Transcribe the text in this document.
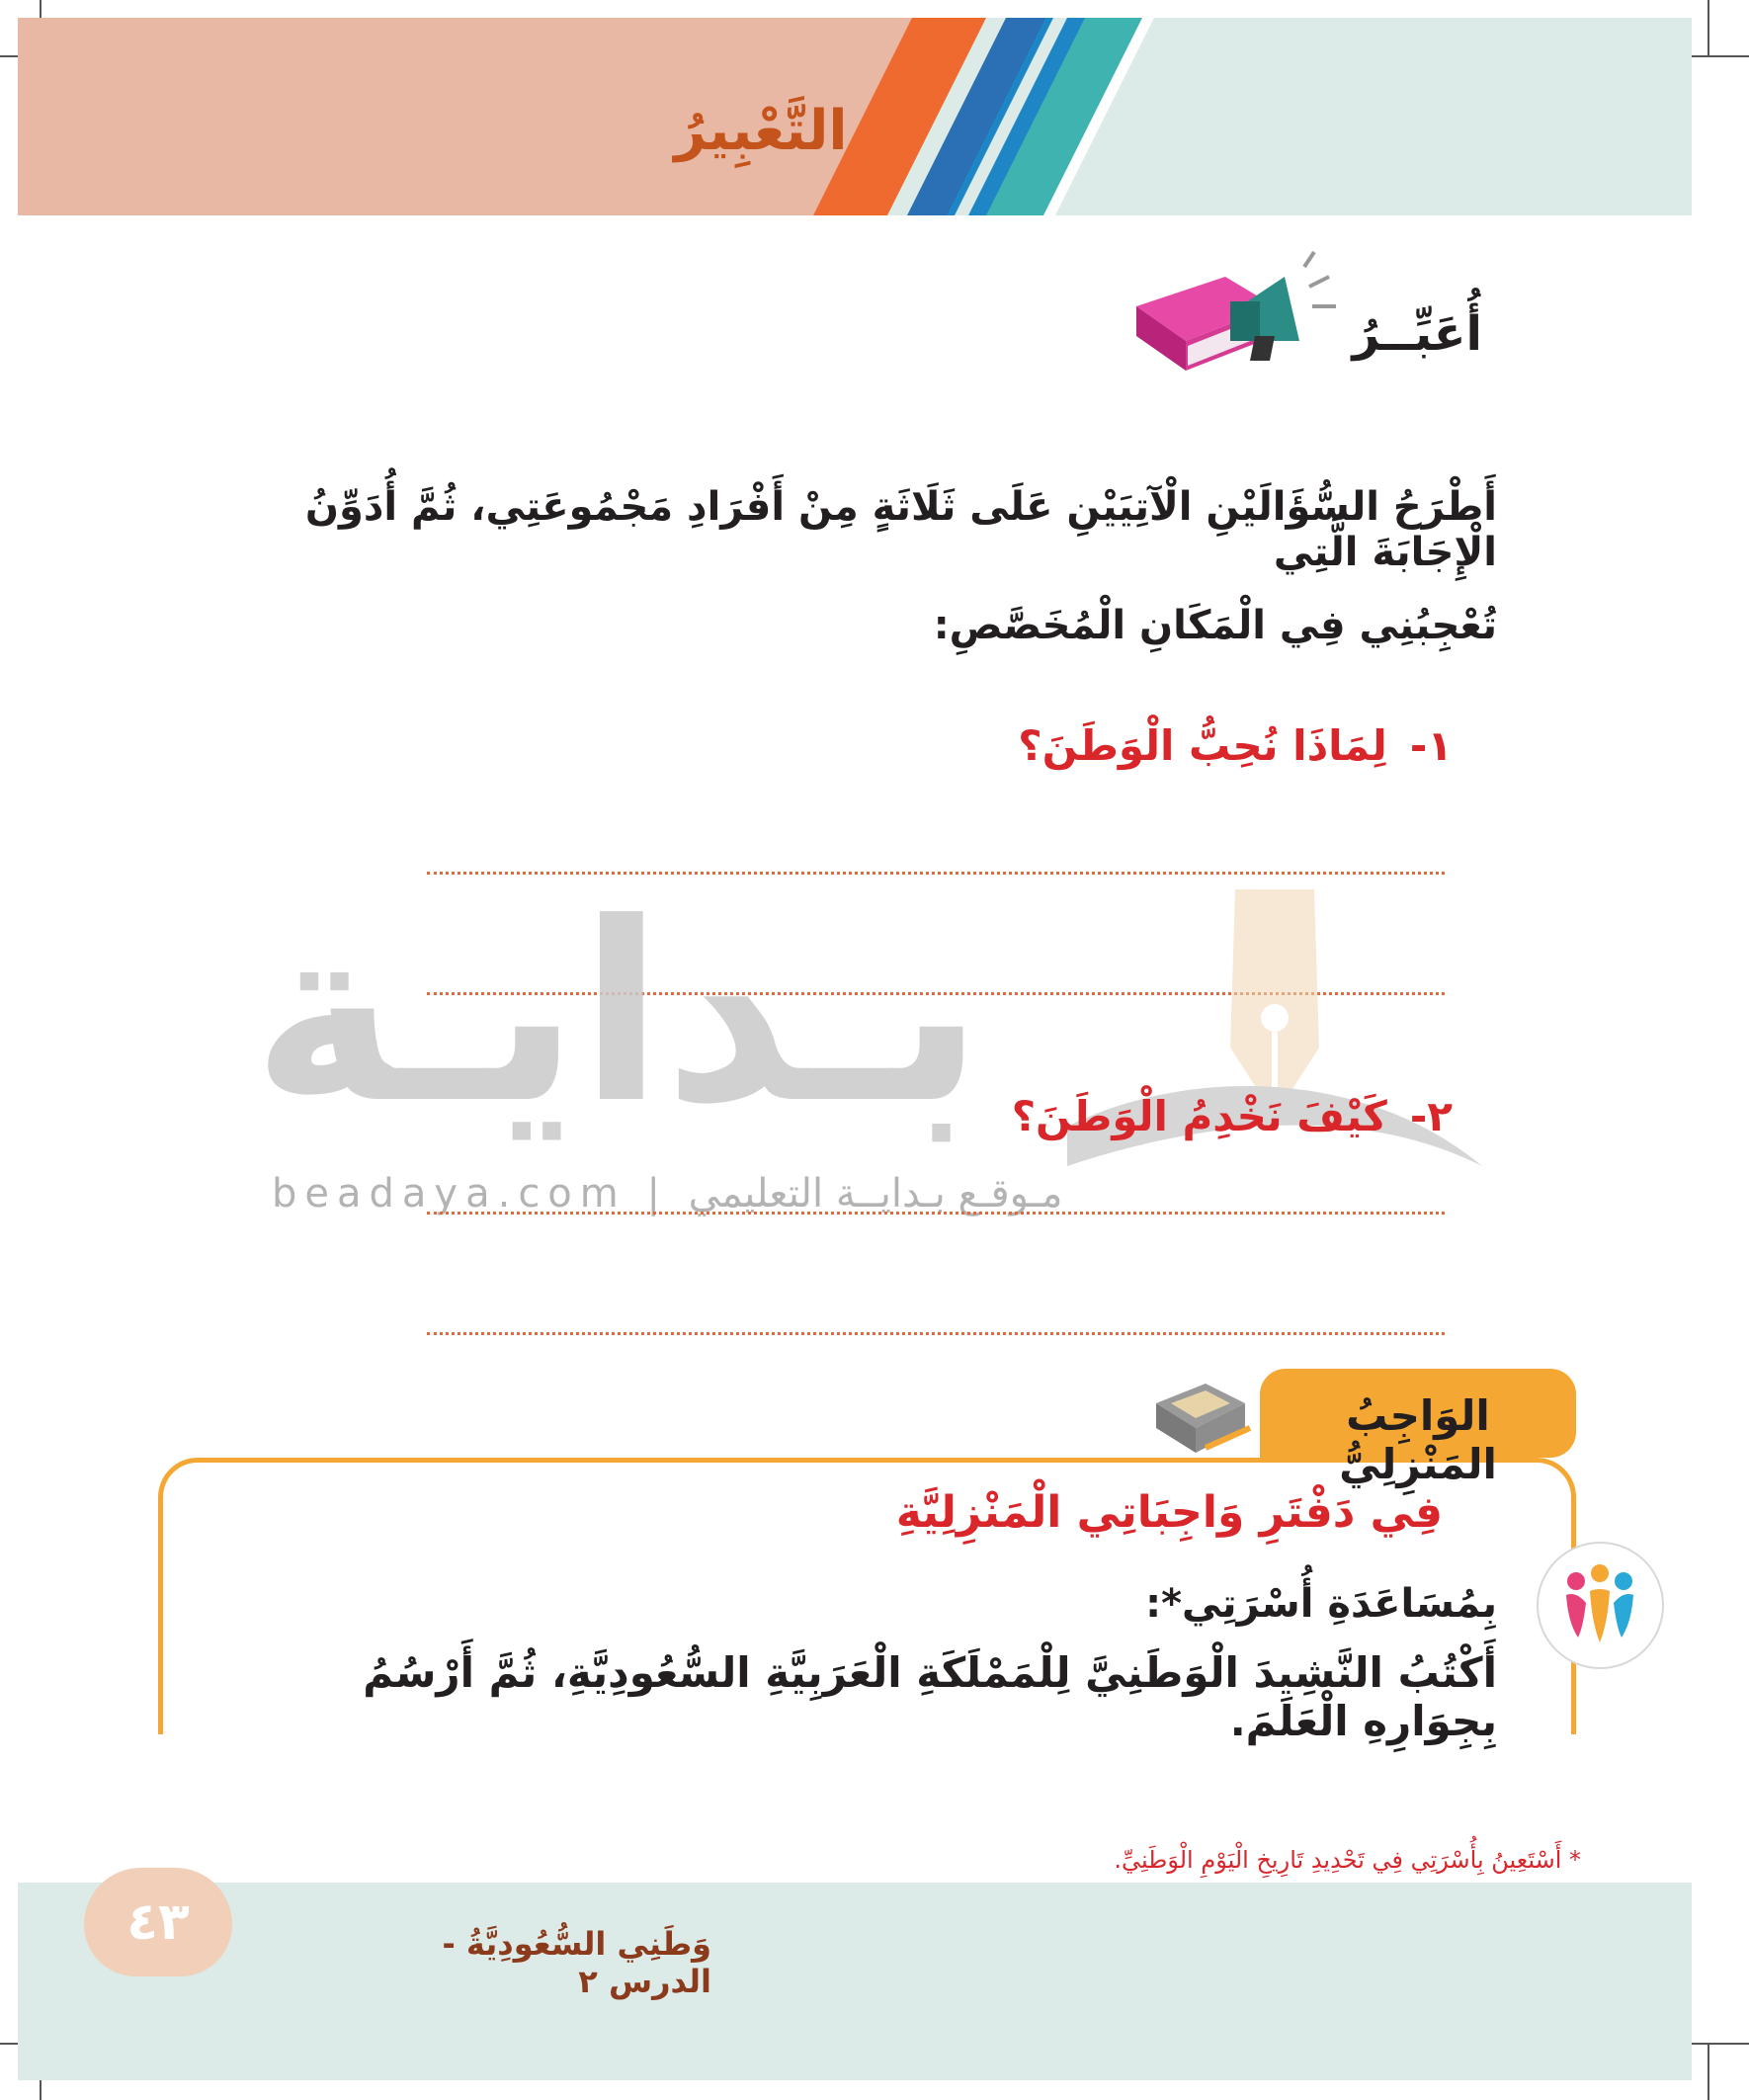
التَّعْبِيرُ
أُعَبِّــرُ
أَطْرَحُ السُّؤَالَيْنِ الْآتِيَيْنِ عَلَى ثَلَاثَةٍ مِنْ أَفْرَادِ مَجْمُوعَتِي، ثُمَّ أُدَوِّنُ الْإِجَابَةَ الَّتِي
تُعْجِبُنِي فِي الْمَكَانِ الْمُخَصَّصِ:
١- لِمَاذَا نُحِبُّ الْوَطَنَ؟
بـدايـة
beadaya.com | مـوقـع بـدايــة التعليمي
٢- كَيْفَ نَخْدِمُ الْوَطَنَ؟
الوَاجِبُ المَنْزِلِيُّ
فِي دَفْتَرِ وَاجِبَاتِي الْمَنْزِلِيَّةِ
بِمُسَاعَدَةِ أُسْرَتِي*:
أَكْتُبُ النَّشِيدَ الْوَطَنِيَّ لِلْمَمْلَكَةِ الْعَرَبِيَّةِ السُّعُودِيَّةِ، ثُمَّ أَرْسُمُ بِجِوَارِهِ الْعَلَمَ.
* أَسْتَعِينُ بِأُسْرَتِي فِي تَحْدِيدِ تَارِيخِ الْيَوْمِ الْوَطَنِيِّ.
٤٣	وَطَنِي السُّعُودِيَّةُ - الدرس ٢
